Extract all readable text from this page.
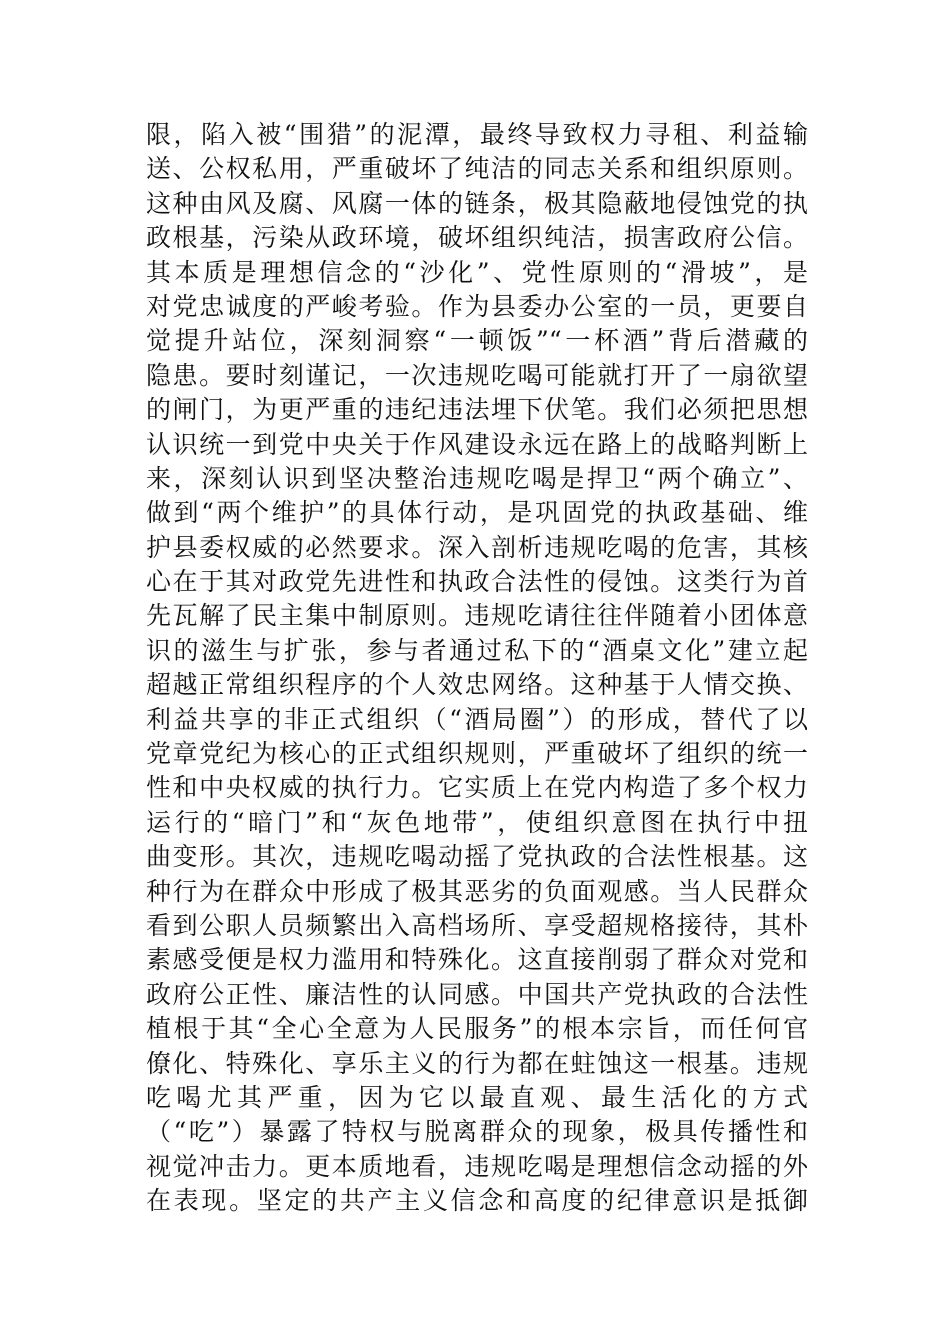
限，陷入被“围猎”的泥潭，最终导致权力寻租、利益输
送、公权私用，严重破坏了纯洁的同志关系和组织原则。
这种由风及腐、风腐一体的链条，极其隐蔽地侵蚀党的执
政根基，污染从政环境，破坏组织纯洁，损害政府公信。
其本质是理想信念的“沙化”、党性原则的“滑坡”，是
对党忠诚度的严峻考验。作为县委办公室的一员，更要自
觉提升站位，深刻洞察“一顿饭”“一杯酒”背后潜藏的
隐患。要时刻谨记，一次违规吃喝可能就打开了一扇欲望
的闸门，为更严重的违纪违法埋下伏笔。我们必须把思想
认识统一到党中央关于作风建设永远在路上的战略判断上
来，深刻认识到坚决整治违规吃喝是捍卫“两个确立”、
做到“两个维护”的具体行动，是巩固党的执政基础、维
护县委权威的必然要求。深入剖析违规吃喝的危害，其核
心在于其对政党先进性和执政合法性的侵蚀。这类行为首
先瓦解了民主集中制原则。违规吃请往往伴随着小团体意
识的滋生与扩张，参与者通过私下的“酒桌文化”建立起
超越正常组织程序的个人效忠网络。这种基于人情交换、
利益共享的非正式组织（“酒局圈”）的形成，替代了以
党章党纪为核心的正式组织规则，严重破坏了组织的统一
性和中央权威的执行力。它实质上在党内构造了多个权力
运行的“暗门”和“灰色地带”，使组织意图在执行中扭
曲变形。其次，违规吃喝动摇了党执政的合法性根基。这
种行为在群众中形成了极其恶劣的负面观感。当人民群众
看到公职人员频繁出入高档场所、享受超规格接待，其朴
素感受便是权力滥用和特殊化。这直接削弱了群众对党和
政府公正性、廉洁性的认同感。中国共产党执政的合法性
植根于其“全心全意为人民服务”的根本宗旨，而任何官
僚化、特殊化、享乐主义的行为都在蛀蚀这一根基。违规
吃喝尤其严重，因为它以最直观、最生活化的方式
（“吃”）暴露了特权与脱离群众的现象，极具传播性和
视觉冲击力。更本质地看，违规吃喝是理想信念动摇的外
在表现。坚定的共产主义信念和高度的纪律意识是抵御
